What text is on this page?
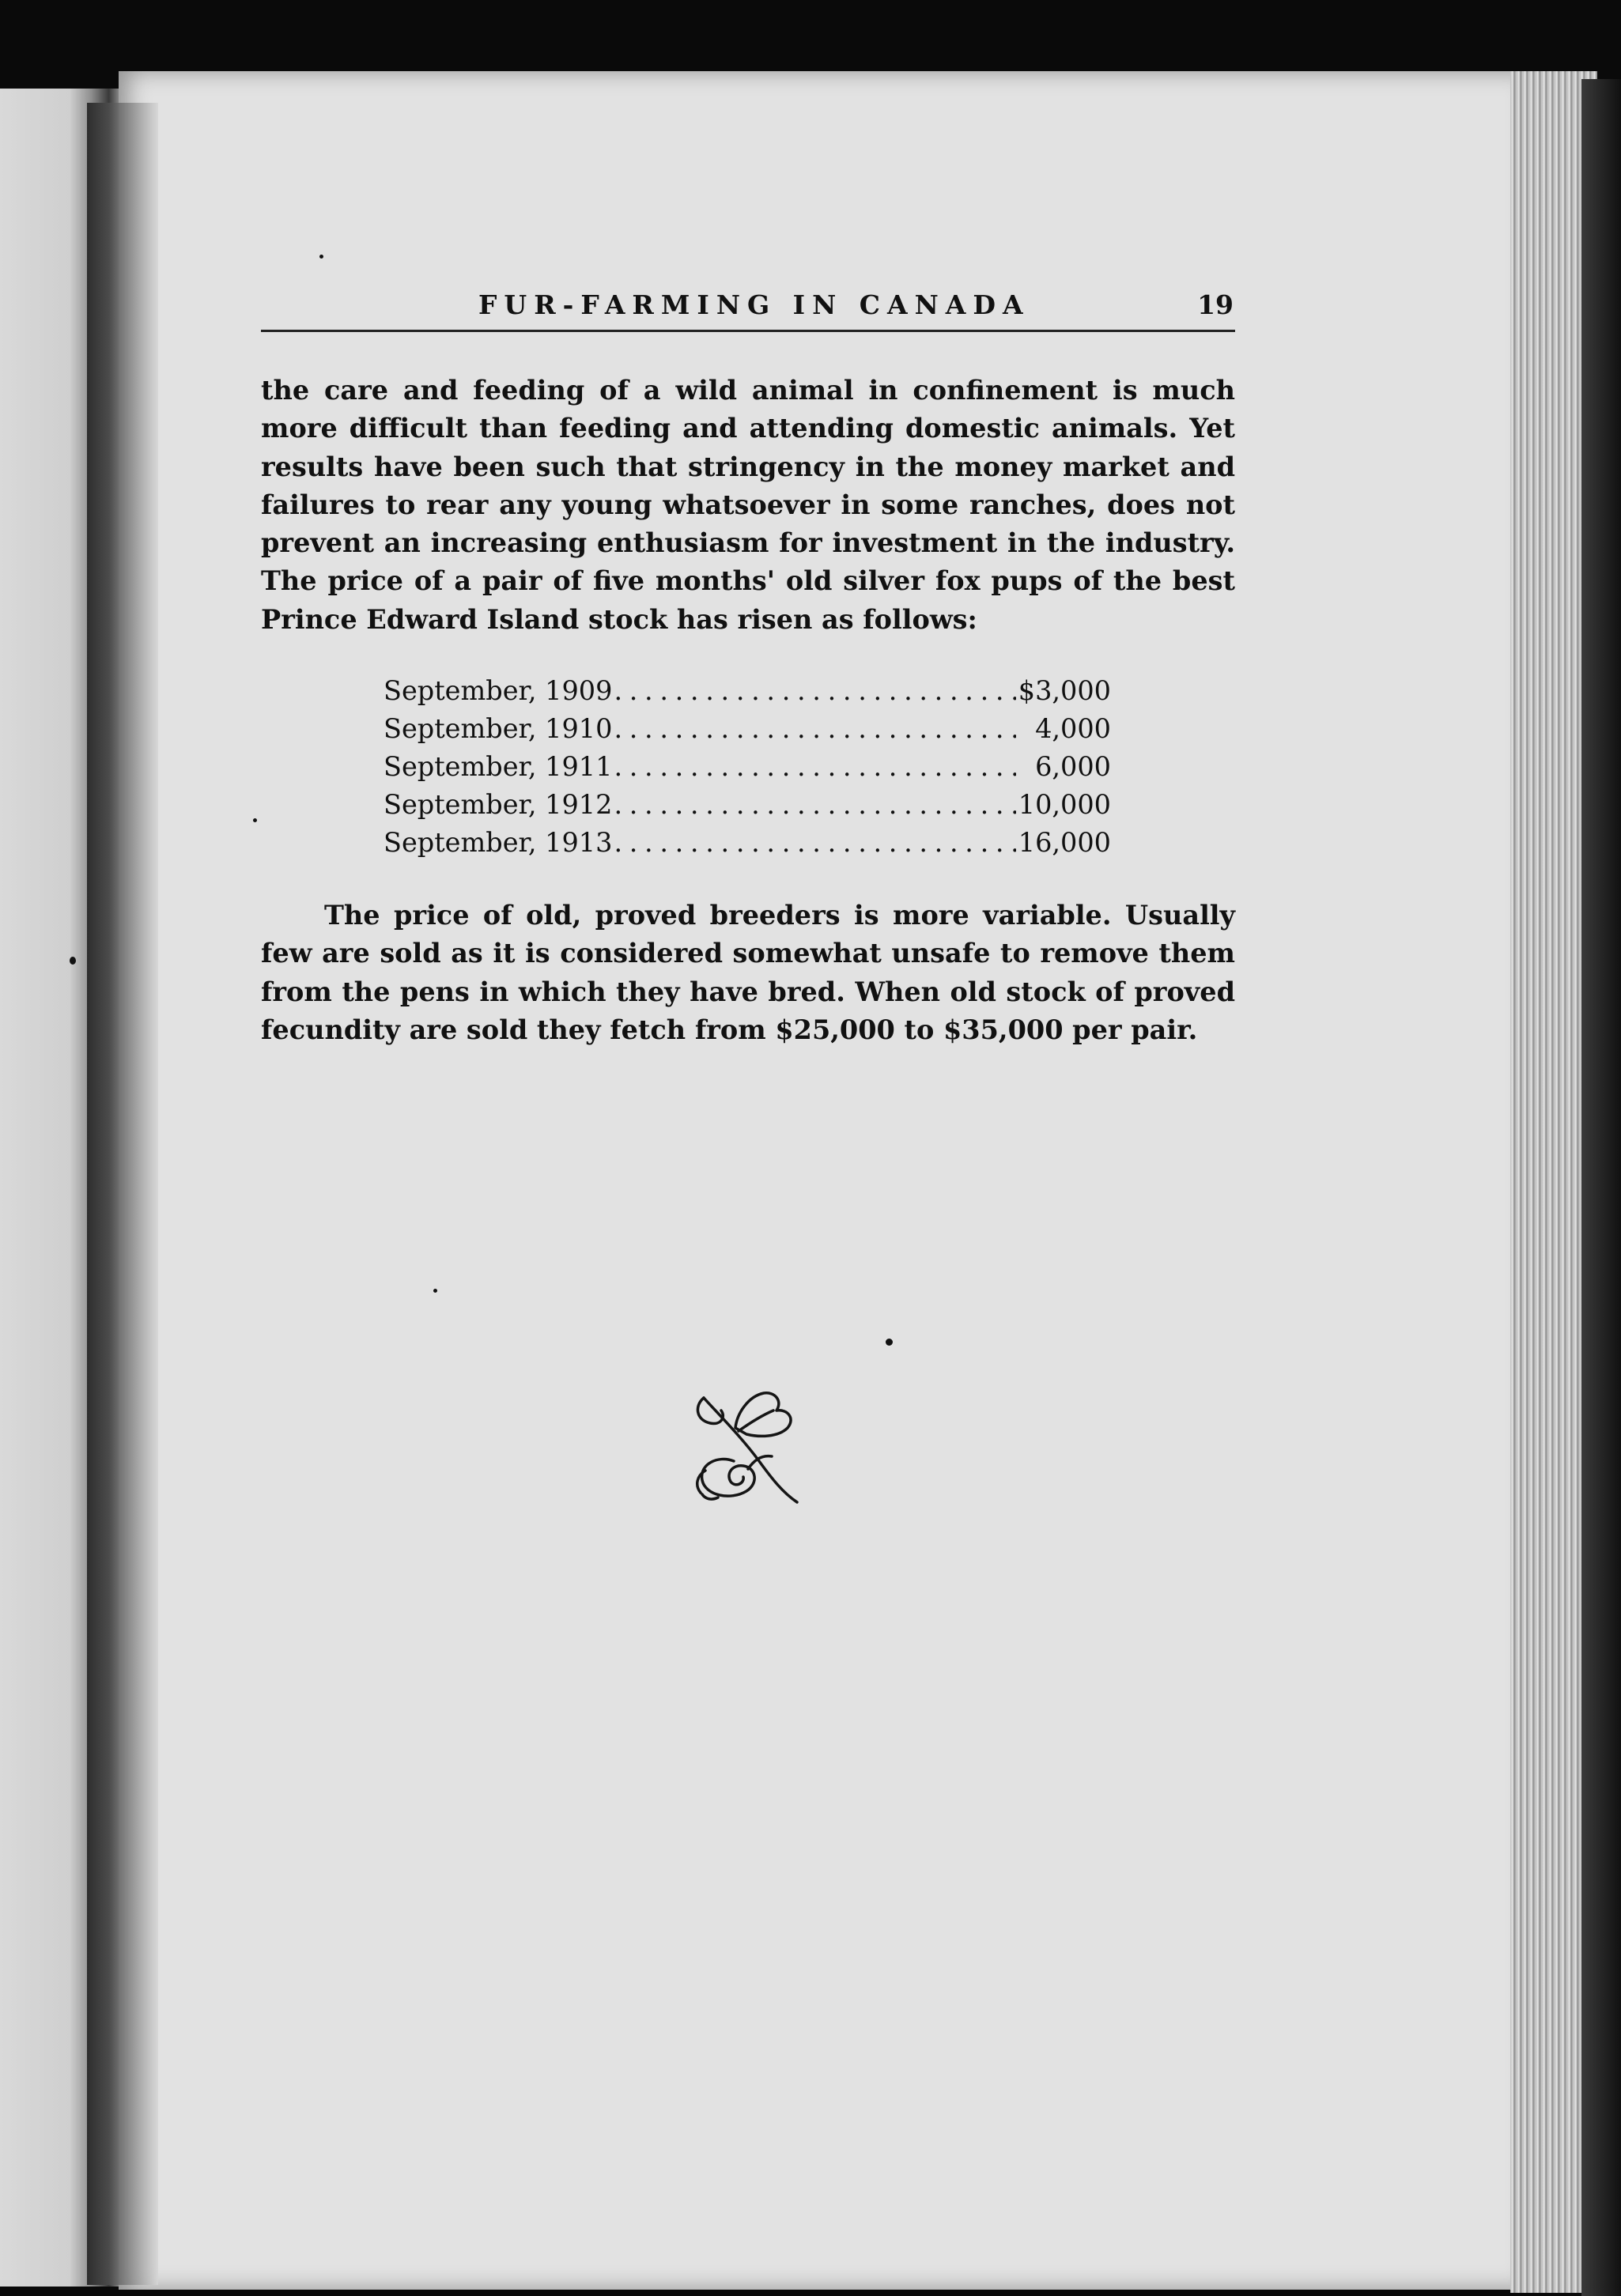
FUR-FARMING IN CANADA	19

the care and feeding of a wild animal in confinement is much more difficult than feeding and attending domestic animals. Yet results have been such that stringency in the money market and failures to rear any young whatsoever in some ranches, does not prevent an increasing enthusiasm for investment in the industry. The price of a pair of five months' old silver fox pups of the best Prince Edward Island stock has risen as follows:

September, 1909 . . .	$3,000
September, 1910 . . .	4,000
September, 1911 . . .	6,000
September, 1912 . . .	10,000
September, 1913 . . .	16,000

The price of old, proved breeders is more variable. Usually few are sold as it is considered somewhat unsafe to remove them from the pens in which they have bred. When old stock of proved fecundity are sold they fetch from $25,000 to $35,000 per pair.
